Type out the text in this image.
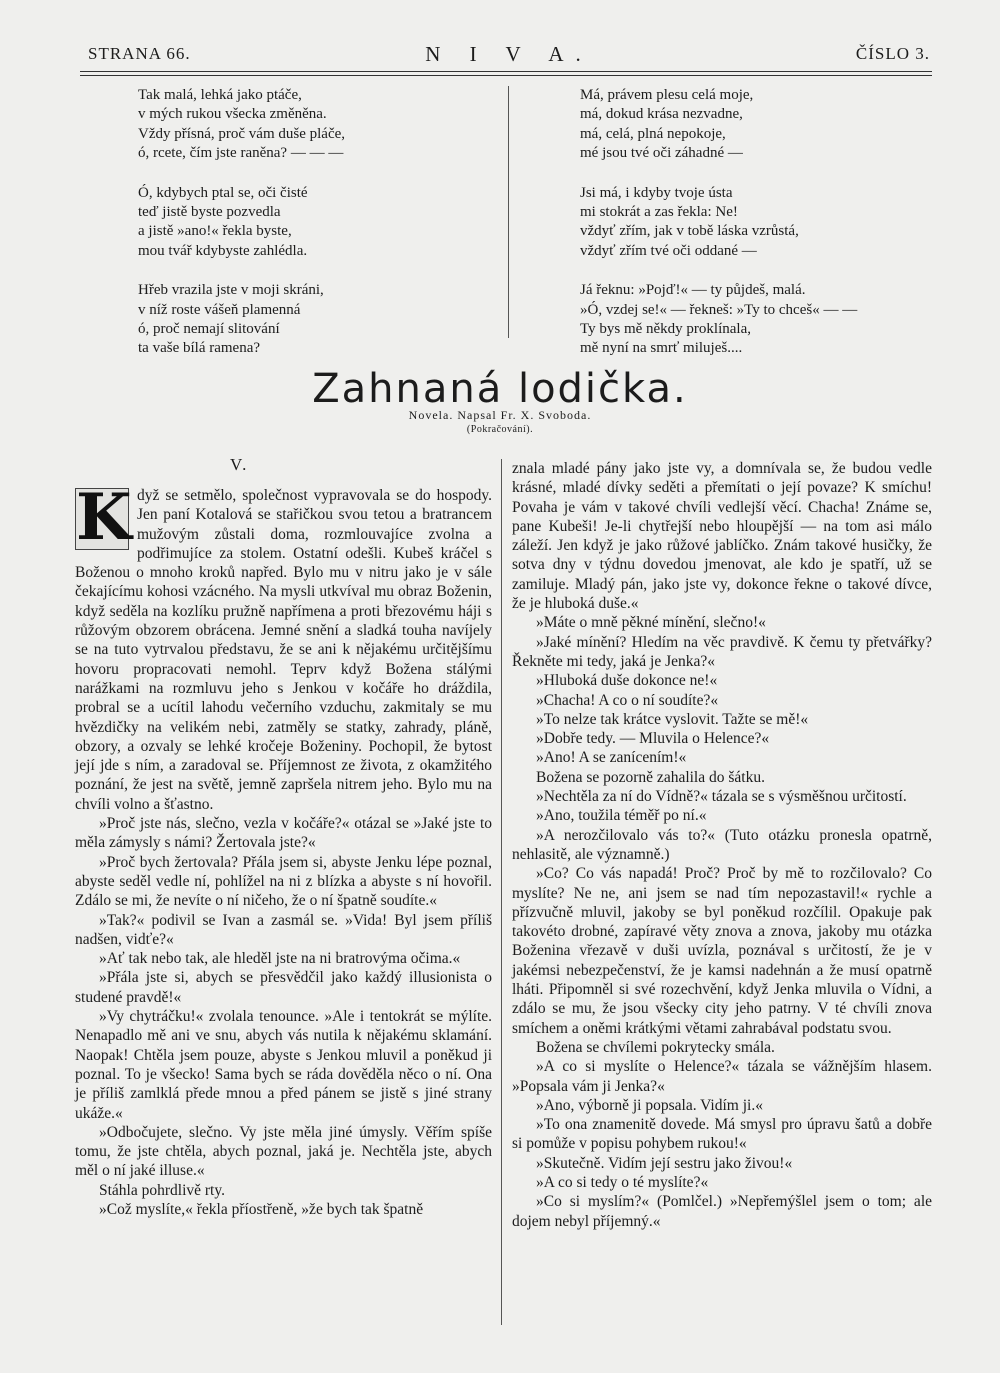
STRANA 66.	N I V A.	ČÍSLO 3.
Tak malá, lehká jako ptáče,
v mých rukou všecka změněna.
Vždy přísná, proč vám duše pláče,
ó, rcete, čím jste raněna? — — —
Ó, kdybych ptal se, oči čisté
teď jistě byste pozvedla
a jistě »ano!« řekla byste,
mou tvář kdybyste zahlédla.
Hřeb vrazila jste v moji skráni,
v níž roste vášeň plamenná
ó, proč nemají slitování
ta vaše bílá ramena?
Má, právem plesu celá moje,
má, dokud krása nezvadne,
má, celá, plná nepokoje,
mé jsou tvé oči záhadné —
Jsi má, i kdyby tvoje ústa
mi stokrát a zas řekla: Ne!
vždyť zřím, jak v tobě láska vzrůstá,
vždyť zřím tvé oči oddané —
Já řeknu: »Pojď!« — ty půjdeš, malá.
»Ó, vzdej se!« — řekneš: »Ty to chceš« — —
Ty bys mě někdy proklínala,
mě nyní na smrť miluješ....
Zahnaná lodička.
Novela. Napsal Fr. X. Svoboda.
(Pokračování).
V.
K dyž se setmělo, společnost vypravovala se do hospody. Jen paní Kotalová se stařičkou svou tetou a bratrancem mužovým zůstali doma, rozmlouvajíce zvolna a podřimujíce za stolem. Ostatní odešli. Kubeš kráčel s Boženou o mnoho kroků napřed. Bylo mu v nitru jako je v sále čekajícímu kohosi vzácného. Na mysli utkvíval mu obraz Boženin, když seděla na kozlíku pružně napřímena a proti březovému háji s růžovým obzorem obrácena. Jemné snění a sladká touha navíjely se na tuto vytrvalou představu, že se ani k nějakému určitějšímu hovoru propracovati nemohl. Teprv když Božena stálými narážkami na rozmluvu jeho s Jenkou v kočáře ho dráždila, probral se a ucítil lahodu večerního vzduchu, zakmitaly se mu hvězdičky na velikém nebi, zatměly se statky, zahrady, pláně, obzory, a ozvaly se lehké kročeje Boženiny. Pochopil, že bytost její jde s ním, a zaradoval se. Příjemnost ze života, z okamžitého poznání, že jest na světě, jemně zapršela nitrem jeho. Bylo mu na chvíli volno a šťastno.

»Proč jste nás, slečno, vezla v kočáře?« otázal se »Jaké jste to měla zámysly s námi? Žertovala jste?«

»Proč bych žertovala? Přála jsem si, abyste Jenku lépe poznal, abyste seděl vedle ní, pohlížel na ni z blízka a abyste s ní hovořil. Zdálo se mi, že nevíte o ní ničeho, že o ní špatně soudíte.«

»Tak?« podivil se Ivan a zasmál se. »Vida! Byl jsem příliš nadšen, vidťe?«

»Ať tak nebo tak, ale hleděl jste na ni bratrovýma očima.«

»Přála jste si, abych se přesvědčil jako každý illusionista o studené pravdě!«

»Vy chytráčku!« zvolala tenounce. »Ale i tentokrát se mýlíte. Nenapadlo mě ani ve snu, abych vás nutila k nějakému sklamání. Naopak! Chtěla jsem pouze, abyste s Jenkou mluvil a poněkud ji poznal. To je všecko! Sama bych se ráda dověděla něco o ní. Ona je příliš zamlklá přede mnou a před pánem se jistě s jiné strany ukáže.«

»Odbočujete, slečno. Vy jste měla jiné úmysly. Věřím spíše tomu, že jste chtěla, abych poznal, jaká je. Nechtěla jste, abych měl o ní jaké illuse.«

Stáhla pohrdlivě rty.

»Což myslíte,« řekla příostřeně, »že bych tak špatně

znala mladé pány jako jste vy, a domnívala se, že budou vedle krásné, mladé dívky seděti a přemítati o její povaze? K smíchu! Povaha je vám v takové chvíli vedlejší věcí. Chacha! Známe se, pane Kubeši! Je-li chytřejší nebo hloupější — na tom asi málo záleží. Jen když je jako růžové jablíčko. Znám takové husičky, že sotva dny v týdnu dovedou jmenovat, ale kdo je spatří, už se zamiluje. Mladý pán, jako jste vy, dokonce řekne o takové dívce, že je hluboká duše.«

»Máte o mně pěkné mínění, slečno!«

»Jaké mínění? Hledím na věc pravdivě. K čemu ty přetvářky? Řekněte mi tedy, jaká je Jenka?«

»Hluboká duše dokonce ne!«

»Chacha! A co o ní soudíte?«

»To nelze tak krátce vyslovit. Tažte se mě!«

»Dobře tedy. — Mluvila o Helence?«

»Ano! A se zanícením!«

Božena se pozorně zahalila do šátku.

»Nechtěla za ní do Vídně?« tázala se s výsměšnou určitostí.

»Ano, toužila téměř po ní.«

»A nerozčilovalo vás to?« (Tuto otázku pronesla opatrně, nehlasitě, ale významně.)

»Co? Co vás napadá! Proč? Proč by mě to rozčilovalo? Co myslíte? Ne ne, ani jsem se nad tím nepozastavil!« rychle a přízvučně mluvil, jakoby se byl poněkud rozčílil. Opakuje pak takovéto drobné, zapíravé věty znova a znova, jakoby mu otázka Boženina vřezavě v duši uvízla, poznával s určitostí, že je v jakémsi nebezpečenství, že je kamsi nadehnán a že musí opatrně lháti. Připomněl si své rozechvění, když Jenka mluvila o Vídni, a zdálo se mu, že jsou všecky city jeho patrny. V té chvíli znova smíchem a oněmi krátkými větami zahrabával podstatu svou.

Božena se chvílemi pokrytecky smála.

»A co si myslíte o Helence?« tázala se vážnějším hlasem. »Popsala vám ji Jenka?«

»Ano, výborně ji popsala. Vidím ji.«

»To ona znamenitě dovede. Má smysl pro úpravu šatů a dobře si pomůže v popisu pohybem rukou!«

»Skutečně. Vidím její sestru jako živou!«

»A co si tedy o té myslíte?«

»Co si myslím?« (Pomlčel.) »Nepřemýšlel jsem o tom; ale dojem nebyl příjemný.«
